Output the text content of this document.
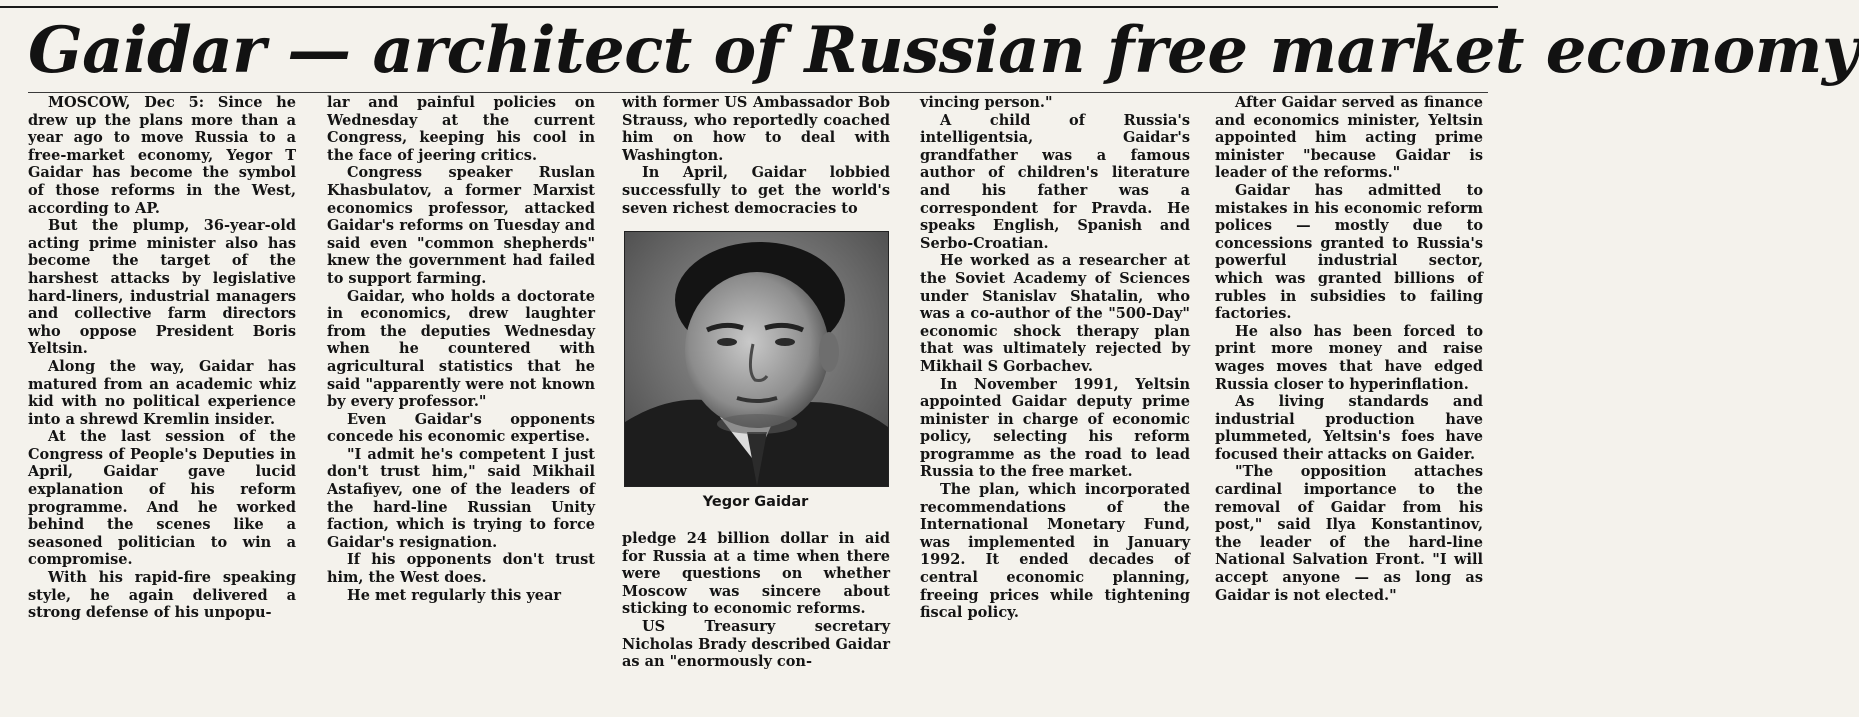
Gaidar — architect of Russian free market economy

MOSCOW, Dec 5: Since he drew up the plans more than a year ago to move Russia to a free-market economy, Yegor T Gaidar has become the symbol of those reforms in the West, according to AP.

But the plump, 36-year-old acting prime minister also has become the target of the harshest attacks by legislative hard-liners, industrial managers and collective farm directors who oppose President Boris Yeltsin.

Along the way, Gaidar has matured from an academic whiz kid with no political experience into a shrewd Kremlin insider.

At the last session of the Congress of People's Deputies in April, Gaidar gave lucid explanation of his reform programme. And he worked behind the scenes like a seasoned politician to win a compromise.

With his rapid-fire speaking style, he again delivered a strong defense of his unpopu-

lar and painful policies on Wednesday at the current Congress, keeping his cool in the face of jeering critics.

Congress speaker Ruslan Khasbulatov, a former Marxist economics professor, attacked Gaidar's reforms on Tuesday and said even "common shepherds" knew the government had failed to support farming.

Gaidar, who holds a doctorate in economics, drew laughter from the deputies Wednesday when he countered with agricultural statistics that he said "apparently were not known by every professor."

Even Gaidar's opponents concede his economic expertise.

"I admit he's competent I just don't trust him," said Mikhail Astafiyev, one of the leaders of the hard-line Russian Unity faction, which is trying to force Gaidar's resignation.

If his opponents don't trust him, the West does.

He met regularly this year

with former US Ambassador Bob Strauss, who reportedly coached him on how to deal with Washington.

In April, Gaidar lobbied successfully to get the world's seven richest democracies to

Yegor Gaidar

pledge 24 billion dollar in aid for Russia at a time when there were questions on whether Moscow was sincere about sticking to economic reforms.

US Treasury secretary Nicholas Brady described Gaidar as an "enormously con-

vincing person."

A child of Russia's intelligentsia, Gaidar's grandfather was a famous author of children's literature and his father was a correspondent for Pravda. He speaks English, Spanish and Serbo-Croatian.

He worked as a researcher at the Soviet Academy of Sciences under Stanislav Shatalin, who was a co-author of the "500-Day" economic shock therapy plan that was ultimately rejected by Mikhail S Gorbachev.

In November 1991, Yeltsin appointed Gaidar deputy prime minister in charge of economic policy, selecting his reform programme as the road to lead Russia to the free market.

The plan, which incorporated recommendations of the International Monetary Fund, was implemented in January 1992. It ended decades of central economic planning, freeing prices while tightening fiscal policy.

After Gaidar served as finance and economics minister, Yeltsin appointed him acting prime minister "because Gaidar is leader of the reforms."

Gaidar has admitted to mistakes in his economic reform polices — mostly due to concessions granted to Russia's powerful industrial sector, which was granted billions of rubles in subsidies to failing factories.

He also has been forced to print more money and raise wages moves that have edged Russia closer to hyperinflation.

As living standards and industrial production have plummeted, Yeltsin's foes have focused their attacks on Gaider.

"The opposition attaches cardinal importance to the removal of Gaidar from his post," said Ilya Konstantinov, the leader of the hard-line National Salvation Front. "I will accept anyone — as long as Gaidar is not elected."
